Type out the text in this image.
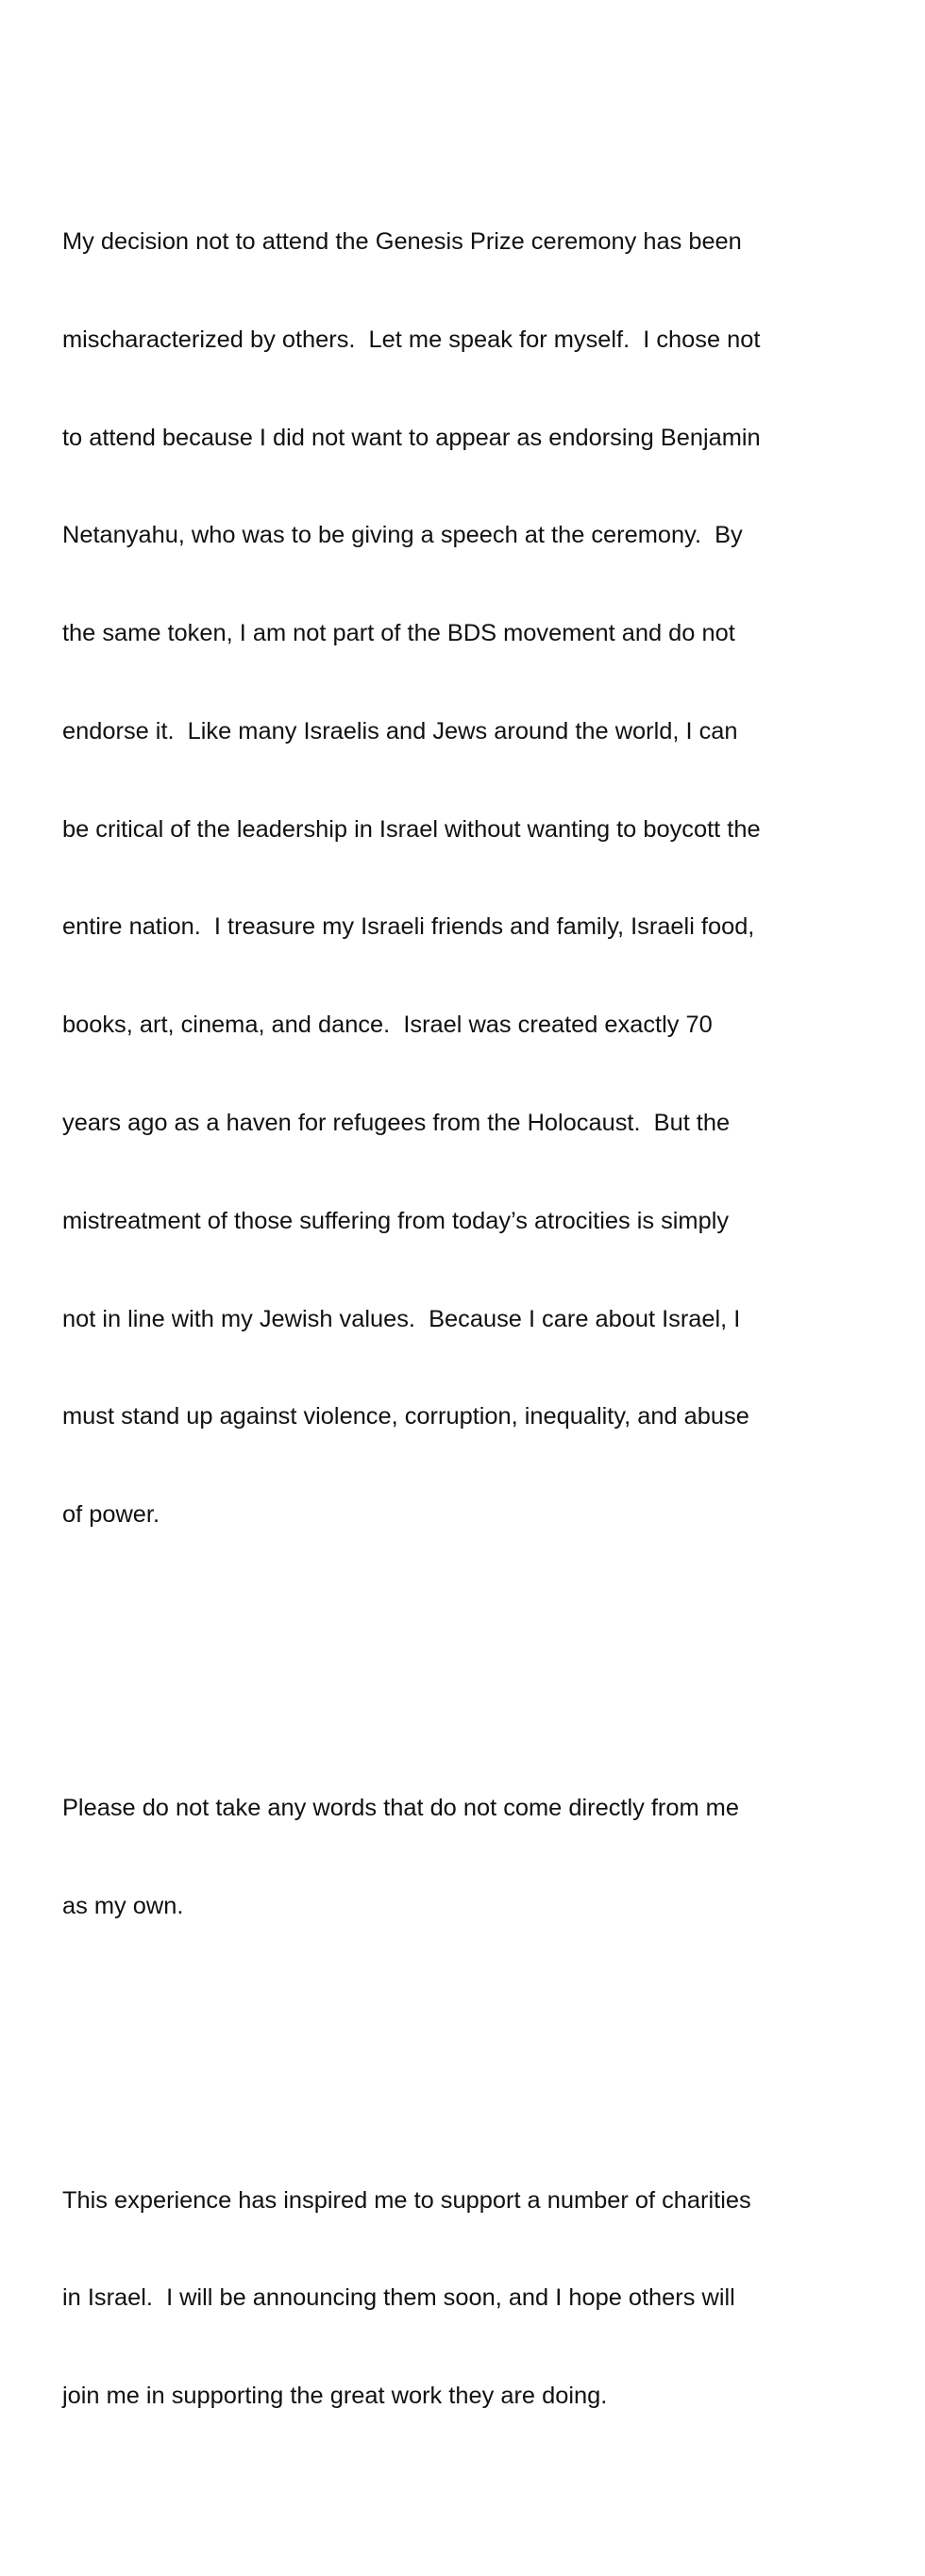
My decision not to attend the Genesis Prize ceremony has been

mischaracterized by others.  Let me speak for myself.  I chose not

to attend because I did not want to appear as endorsing Benjamin

Netanyahu, who was to be giving a speech at the ceremony.  By

the same token, I am not part of the BDS movement and do not

endorse it.  Like many Israelis and Jews around the world, I can

be critical of the leadership in Israel without wanting to boycott the

entire nation.  I treasure my Israeli friends and family, Israeli food,

books, art, cinema, and dance.  Israel was created exactly 70

years ago as a haven for refugees from the Holocaust.  But the

mistreatment of those suffering from today’s atrocities is simply

not in line with my Jewish values.  Because I care about Israel, I

must stand up against violence, corruption, inequality, and abuse

of power.

Please do not take any words that do not come directly from me

as my own.

This experience has inspired me to support a number of charities

in Israel.  I will be announcing them soon, and I hope others will

join me in supporting the great work they are doing.
